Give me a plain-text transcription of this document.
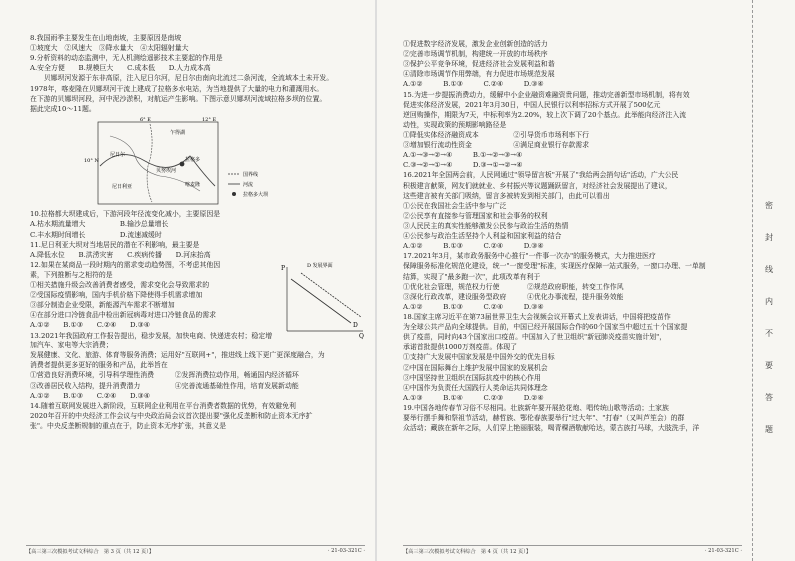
8.我国雨季主要发生在山地南坡，主要原因是南坡

①坡度大　②风速大　③降水量大　④太阳辐射量大

9.分析资料的动态监测中，无人机测绘遥影技术主要起的作用是

A.安全方便　　B.规模巨大　　C.成本低　　D.人力成本高

　　贝娜坝河发源于东非高原，注入尼日尔河，尼日尔由南向北流过二条河流，全流域本土未开发。

1978年，喀麦隆在贝娜坝河干流上建成了拉格多水电站，为当地提供了大量的电力和灌溉用水。

在下游的贝娜坝河段，河中泥沙淤积，对航运产生影响。下图示意贝娜坝河流域拉格多坝的位置。

据此完成10～11题。

6° E	12° E
10° N
乍得湖
尼日尔
喀麦隆
尼日利亚
贝努埃河
拉格多
国界线
河流
拉格多大坝

10.拉格都大坝建成后，下游河段年径流变化减小，主要原因是

A.枯水期流量增大　　　　　B.输沙总量增长

C.丰水期时间增长　　　　　D.流速减缓时

11.尼日利亚大坝对当地居民的潜在不利影响，最主要是

A.降低水位　　B.洪涝灾害　　C.疾病传播　　D.河床抬高

P
Q
D
D 发展界面

12.如果在某商品一段时期内的需求变动趋势图，不考虑其他因

素，下列推断与之相符的是

①相关措施升级会改善消费者感受，需求变化会导致需求的

②受国际疫情影响，国内手机价格下降使得手机需求增加

③部分制造企业受限，新能源汽车需求不断增加

④在部分进口冷链食品中检出新冠病毒对进口冷链食品的需求

A.①②　　B.①③　　C.②④　　D.③④

13.2021年我国政府工作报告提出，稳步发展，加快电商、快递进农村；稳定增加汽车、家电等大宗消费；

发展健康、文化、旅游、体育等服务消费；运用好"互联网+"，推进线上线下更广更深度融合，为

消费者提供更多更好的服务和产品，此举旨在

①营造良好消费环境，引导科学理性消费　　　②发挥消费拉动作用，畅通国内经济循环

③改善居民收入结构，提升消费潜力　　　　　④完善流通基础性作用，培育发展新动能

A.①②　　B.①③　　C.②④　　D.③④

14.随着互联网发展进入新阶段，互联网企业利用在平台消费者数据的优势，有效避免利

2020年召开的中央经济工作会议与中央政治局会议首次提出要"强化反垄断和防止资本无序扩

张"。中央反垄断规制的重点在于，防止资本无序扩张，其意义是

【高三第三次模拟考试文科综合　第 3 页（共 12 页）】	· 21-03-321C ·

①促进数字经济发展，激发企业创新创造的活力

②完善市场调节机制，构建统一开放的市场秩序

③保护公平竞争环境，促进经济社会发展利益和谐

④清除市场调节作用弊端，有力促进市场规范发展

A.①②　　　B.①③　　　C.②④　　　D.③④

15.为进一步提振消费动力，缓解中小企业融资难融资贵问题，推动完善新型市场机制，将有效

促进实体经济发展，2021年3月30日，中国人民银行以利率招标方式开展了500亿元

逆回购操作，期限为7天，中标利率为2.20%，较上次下调了20个基点。此举能向经济注入流

动性，实现政策的预期影响路径是

①降低实体经济融资成本　　　　　②引导货币市场利率下行

③增加银行流动性资金　　　　　　④满足商业银行存款需求

A.①→③→②→④　　　B.①→②→③→④

C.③→②→①→④　　　D.③→①→②→④

16.2021年全国两会前，人民网通过"领导留言板"开展了"我给两会捎句话"活动，广大公民

积极建言献策，网友们就就业、乡村振兴等议题踊跃留言，对经济社会发展提出了建议，

这些建言被有关部门吸纳，留言多被转发到相关部门，由此可以看出

①公民在我国社会生活中参与广泛

②公民享有直接参与管理国家和社会事务的权利

③人民民主的真实性能够激发公民参与政治生活的热情

④公民参与政治生活坚持个人利益和国家利益的结合

A.①②　　　B.①③　　　C.②④　　　D.③④

17.2021年3月，某市政务服务中心推行"一件事一次办"的服务模式，大力推进医疗

保障服务标准化规范化建设，统一"一窗受理"标准，实现医疗保障一站式服务，一窗口办理、一单制

结算，实现了"最多跑一次"，此项改革有利于

①优化社会管理，规范权力行使　　　　②规范政府职能，转变工作作风

③深化行政改革，建设服务型政府　　　④优化办事流程，提升服务效能

A.①②　　　B.①③　　　C.②④　　　D.③④

18.国家主席习近平在第73届世界卫生大会视频会议开幕式上发表讲话，中国将把疫苗作

为全球公共产品向全球提供。目前，中国已经开展国际合作的60个国家当中超过五十个国家提

供了疫苗，同时向43个国家出口疫苗。中国加入了世卫组织"新冠肺炎疫苗实施计划"，

承诺首批提供1000万剂疫苗。体现了

①支持广大发展中国家发展是中国外交的优先目标

②中国在国际舞台上维护发展中国家的发展机会

③中国坚持世卫组织在国际抗疫中的核心作用

④中国作为负责任大国践行人类命运共同体理念

A.①③　　　B.①④　　　C.②③　　　D.②④

19.中国各地传春节习俗不尽相同。壮族新年要开展抢花炮、唱传统山歌等活动；土家族

要举行摆手舞和祭祖节活动，赫哲族、鄂伦春族要举行"过大年"、"打春"（又叫芦笙会）的群

众活动；藏族在新年之际，人们穿上艳丽服装，喝青稞酒敬献哈达，蒙古族打马球，大肢洗手，洋

【高三第三次模拟考试文科综合　第 4 页（共 12 页）】	· 21-03-321C ·
密
封
线
内
不
要
答
题
